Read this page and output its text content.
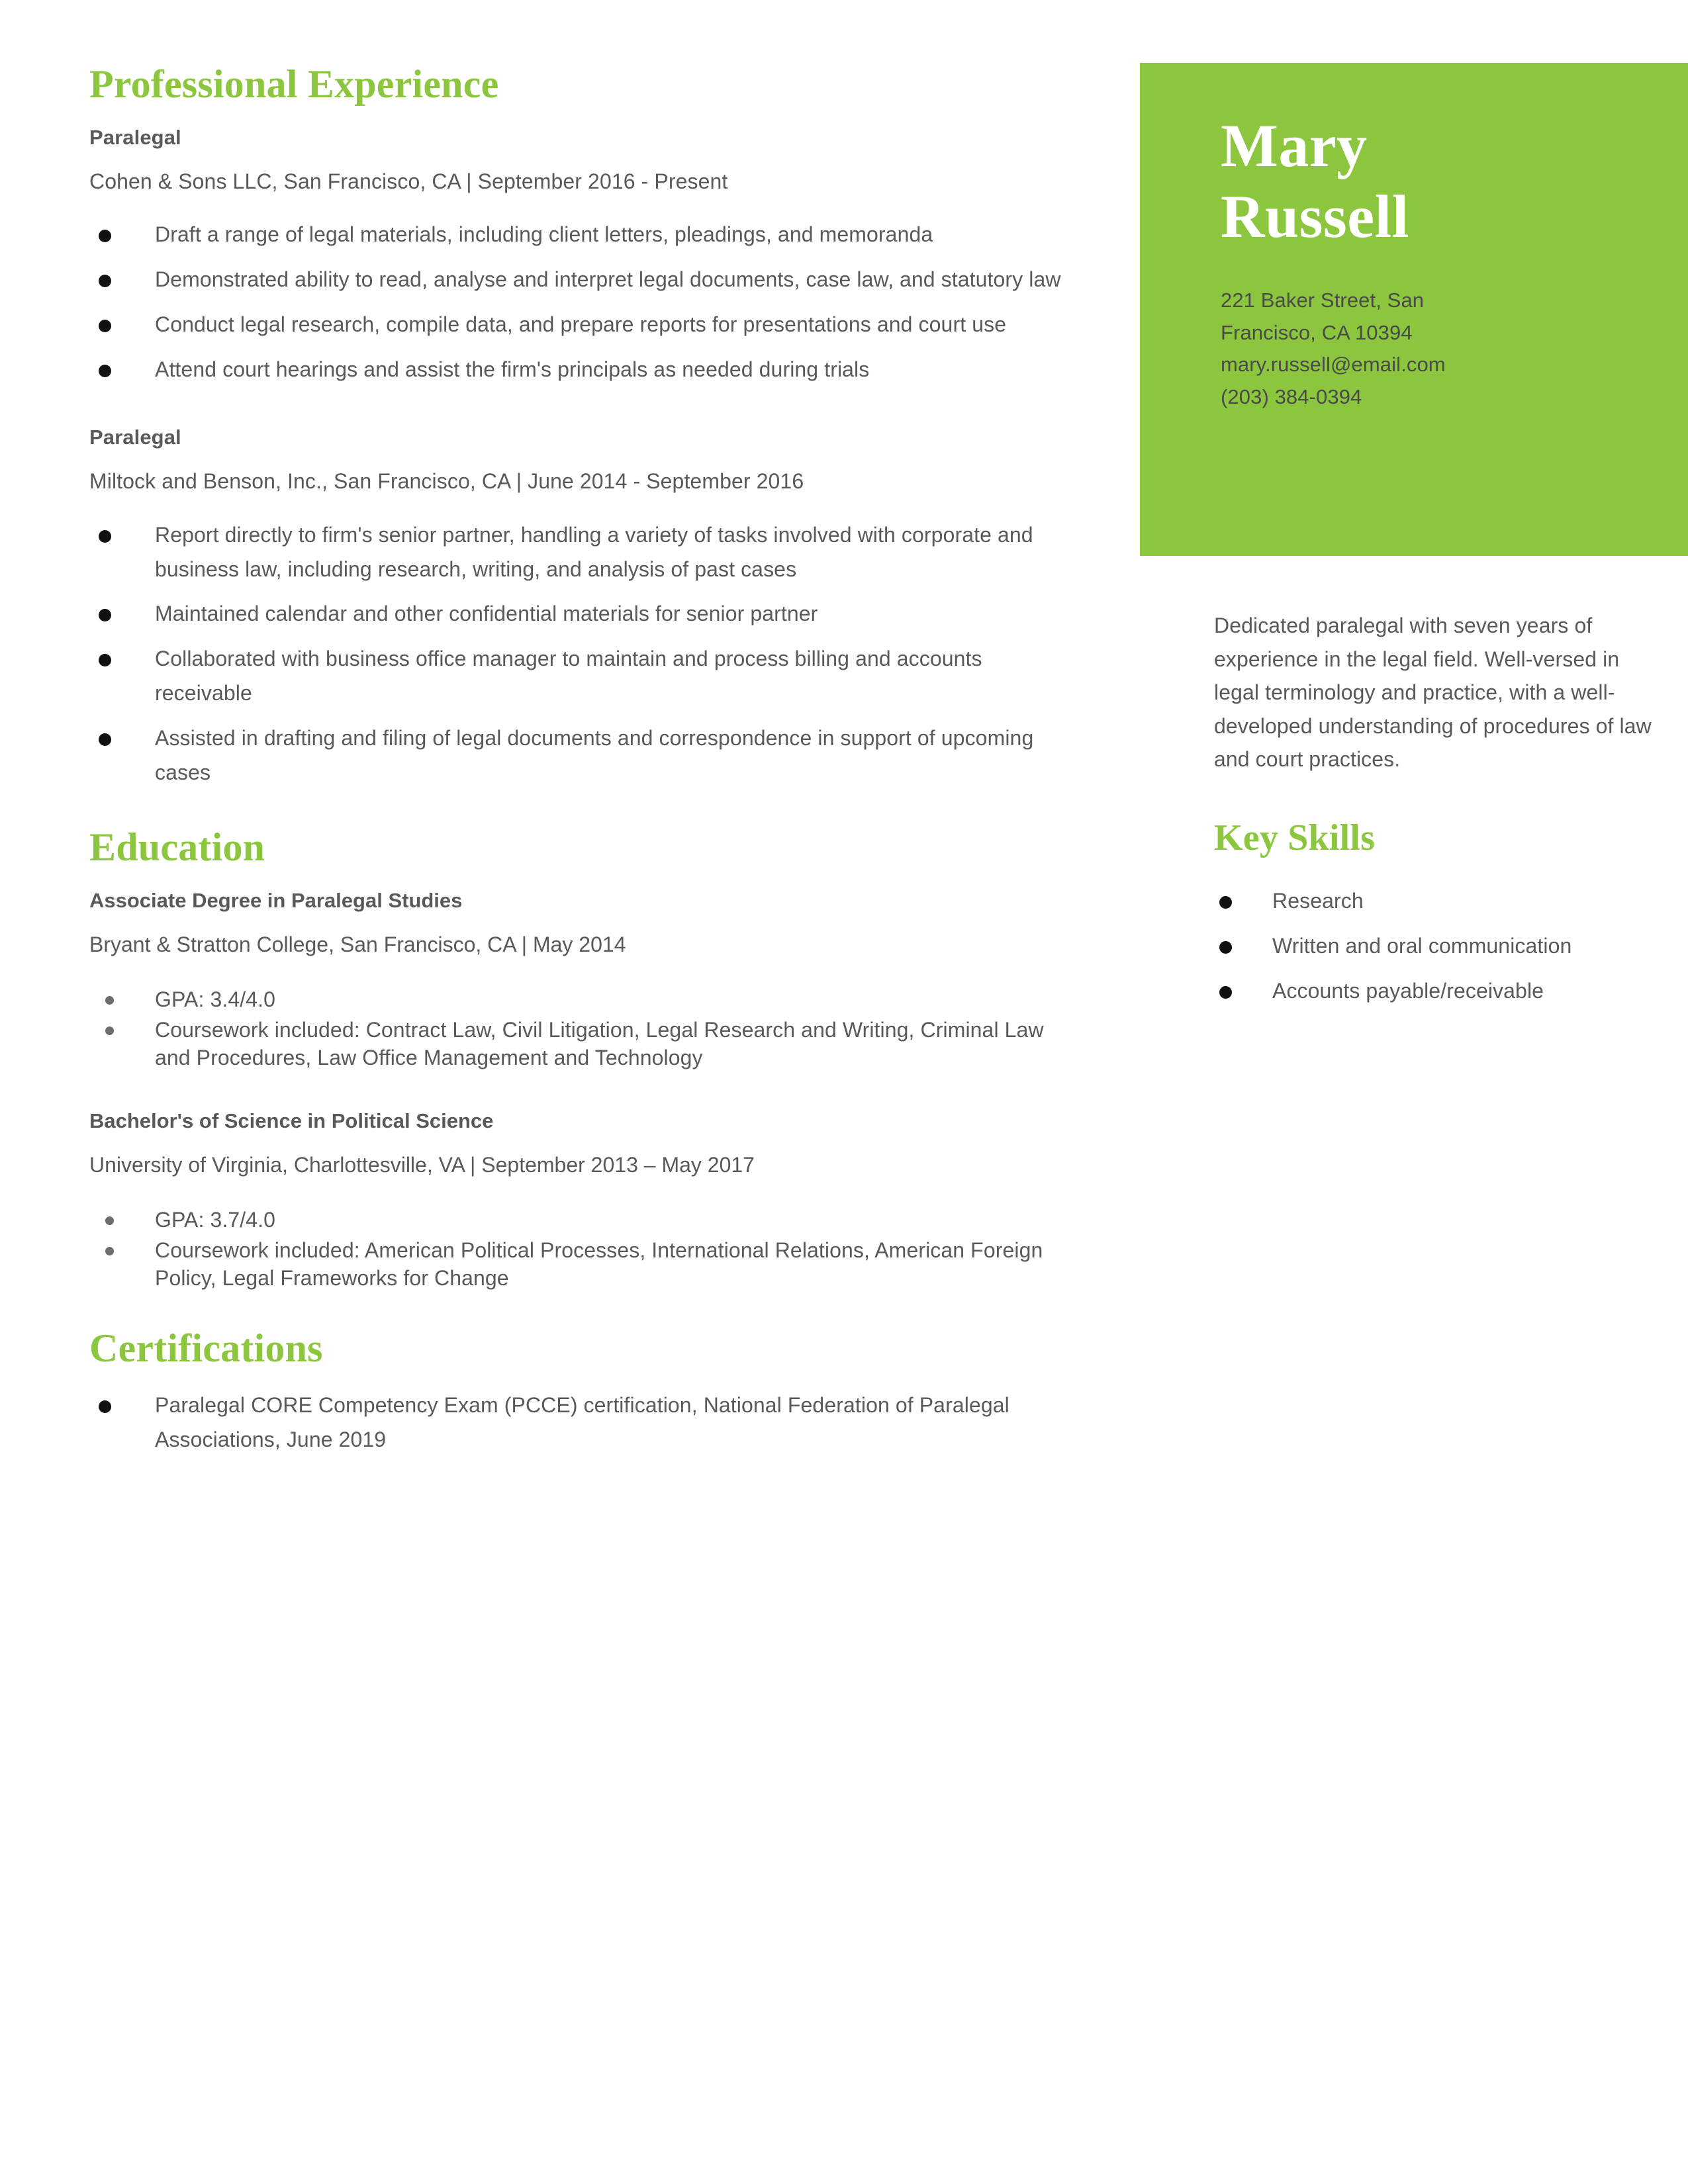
Professional Experience
Paralegal
Cohen & Sons LLC, San Francisco, CA | September 2016 - Present
Draft a range of legal materials, including client letters, pleadings, and memoranda
Demonstrated ability to read, analyse and interpret legal documents, case law, and statutory law
Conduct legal research, compile data, and prepare reports for presentations and court use
Attend court hearings and assist the firm's principals as needed during trials
Paralegal
Miltock and Benson, Inc., San Francisco, CA | June 2014 - September 2016
Report directly to firm's senior partner, handling a variety of tasks involved with corporate and business law, including research, writing, and analysis of past cases
Maintained calendar and other confidential materials for senior partner
Collaborated with business office manager to maintain and process billing and accounts receivable
Assisted in drafting and filing of legal documents and correspondence in support of upcoming cases
Education
Associate Degree in Paralegal Studies
Bryant & Stratton College, San Francisco, CA | May 2014
GPA: 3.4/4.0
Coursework included: Contract Law, Civil Litigation, Legal Research and Writing, Criminal Law and Procedures, Law Office Management and Technology
Bachelor's of Science in Political Science
University of Virginia, Charlottesville, VA | September 2013 – May 2017
GPA: 3.7/4.0
Coursework included: American Political Processes, International Relations, American Foreign Policy, Legal Frameworks for Change
Certifications
Paralegal CORE Competency Exam (PCCE) certification, National Federation of Paralegal Associations, June 2019
Mary
Russell
221 Baker Street, San
Francisco, CA 10394
mary.russell@email.com
(203) 384-0394

Dedicated paralegal with seven years of experience in the legal field. Well-versed in legal terminology and practice, with a well-developed understanding of procedures of law and court practices.

Key Skills
Research
Written and oral communication
Accounts payable/receivable
